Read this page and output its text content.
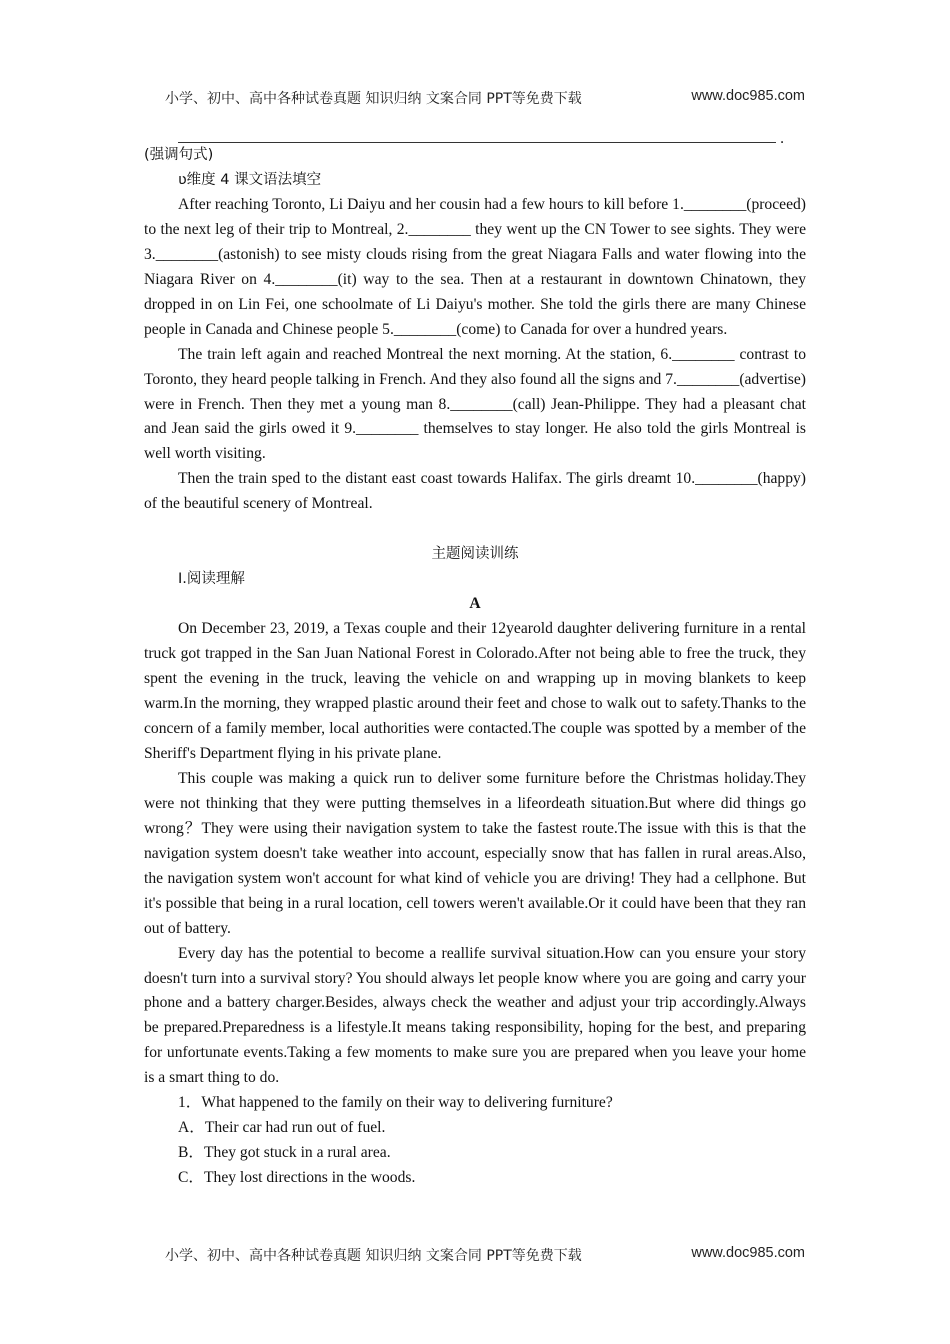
小学、初中、高中各种试卷真题 知识归纳 文案合同 PPT等免费下载	www.doc985.com

.

(强调句式)

ʋ维度 4 课文语法填空

After reaching Toronto, Li Daiyu and her cousin had a few hours to kill before 1.________(proceed) to the next leg of their trip to Montreal, 2.________ they went up the CN Tower to see sights. They were 3.________(astonish) to see misty clouds rising from the great Niagara Falls and water flowing into the Niagara River on 4.________(it) way to the sea. Then at a restaurant in downtown Chinatown, they dropped in on Lin Fei, one schoolmate of Li Daiyu's mother. She told the girls there are many Chinese people in Canada and Chinese people 5.________(come) to Canada for over a hundred years.

The train left again and reached Montreal the next morning. At the station, 6.________ contrast to Toronto, they heard people talking in French. And they also found all the signs and 7.________(advertise) were in French. Then they met a young man 8.________(call) Jean-Philippe. They had a pleasant chat and Jean said the girls owed it 9.________ themselves to stay longer. He also told the girls Montreal is well worth visiting.

Then the train sped to the distant east coast towards Halifax. The girls dreamt 10.________(happy) of the beautiful scenery of Montreal.

主题阅读训练

Ⅰ.阅读理解

A

On December 23, 2019, a Texas couple and their 12yearold daughter delivering furniture in a rental truck got trapped in the San Juan National Forest in Colorado.After not being able to free the truck, they spent the evening in the truck, leaving the vehicle on and wrapping up in moving blankets to keep warm.In the morning, they wrapped plastic around their feet and chose to walk out to safety.Thanks to the concern of a family member, local authorities were contacted.The couple was spotted by a member of the Sheriff's Department flying in his private plane.

This couple was making a quick run to deliver some furniture before the Christmas holiday.They were not thinking that they were putting themselves in a lifeordeath situation.But where did things go wrong？They were using their navigation system to take the fastest route.The issue with this is that the navigation system doesn't take weather into account, especially snow that has fallen in rural areas.Also, the navigation system won't account for what kind of vehicle you are driving! They had a cellphone. But it's possible that being in a rural location, cell towers weren't available.Or it could have been that they ran out of battery.

Every day has the potential to become a reallife survival situation.How can you ensure your story doesn't turn into a survival story? You should always let people know where you are going and carry your phone and a battery charger.Besides, always check the weather and adjust your trip accordingly.Always be prepared.Preparedness is a lifestyle.It means taking responsibility, hoping for the best, and preparing for unfortunate events.Taking a few moments to make sure you are prepared when you leave your home is a smart thing to do.

1．What happened to the family on their way to delivering furniture?

A．Their car had run out of fuel.

B．They got stuck in a rural area.

C．They lost directions in the woods.

小学、初中、高中各种试卷真题 知识归纳 文案合同 PPT等免费下载	www.doc985.com
